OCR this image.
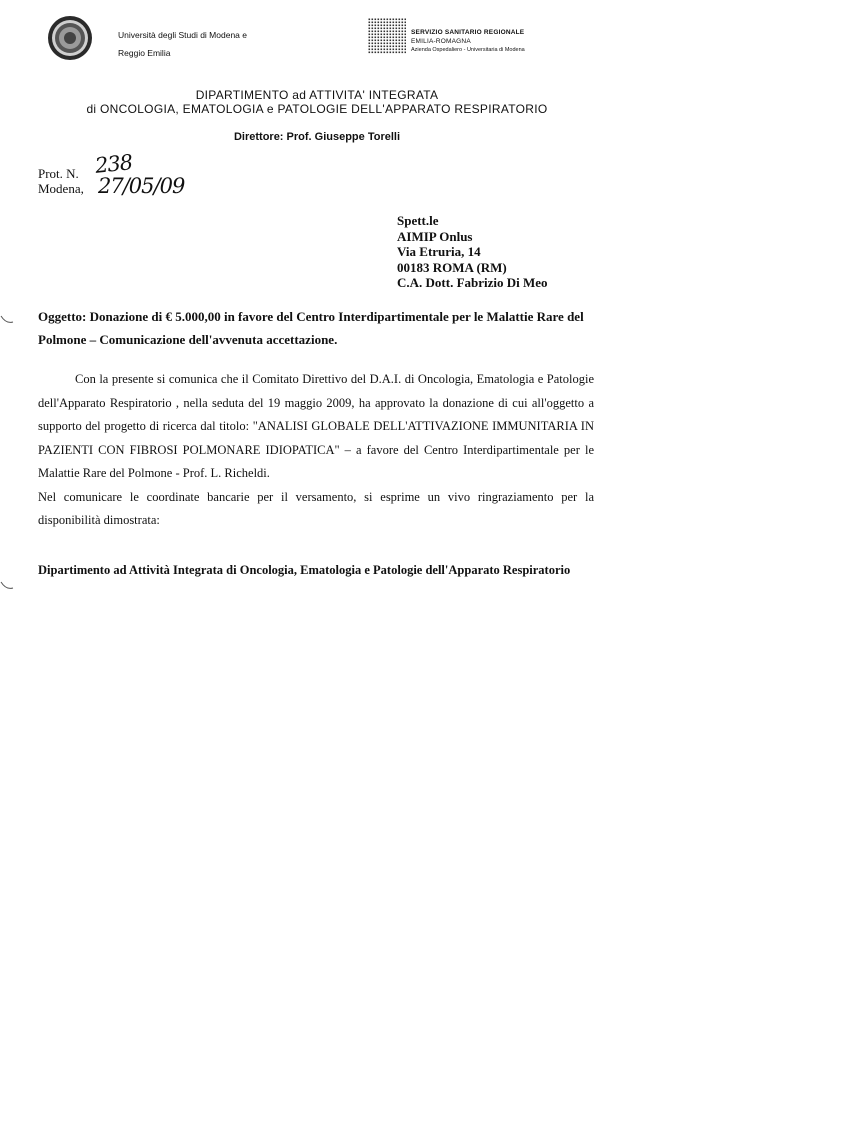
Università degli Studi di Modena e
Reggio Emilia
SERVIZIO SANITARIO REGIONALE
EMILIA-ROMAGNA
Azienda Ospedaliero - Universitaria di Modena
DIPARTIMENTO ad ATTIVITA' INTEGRATA
di ONCOLOGIA, EMATOLOGIA e PATOLOGIE DELL'APPARATO RESPIRATORIO
Direttore: Prof. Giuseppe Torelli
Prot. N. 238
Modena, 27/05/09
Spett.le
AIMIP Onlus
Via Etruria, 14
00183 ROMA (RM)
C.A. Dott. Fabrizio Di Meo
Oggetto: Donazione di € 5.000,00 in favore del Centro Interdipartimentale per le Malattie Rare del Polmone – Comunicazione dell'avvenuta accettazione.

Con la presente si comunica che il Comitato Direttivo del D.A.I. di Oncologia, Ematologia e Patologie dell'Apparato Respiratorio , nella seduta del 19 maggio 2009, ha approvato la donazione di cui all'oggetto a supporto del progetto di ricerca dal titolo: "ANALISI GLOBALE DELL'ATTIVAZIONE IMMUNITARIA IN PAZIENTI CON FIBROSI POLMONARE IDIOPATICA" – a favore del Centro Interdipartimentale per le Malattie Rare del Polmone - Prof. L. Richeldi.

Nel comunicare le coordinate bancarie per il versamento, si esprime un vivo ringraziamento per la disponibilità dimostrata:

Dipartimento ad Attività Integrata di Oncologia, Ematologia e Patologie dell'Apparato Respiratorio
